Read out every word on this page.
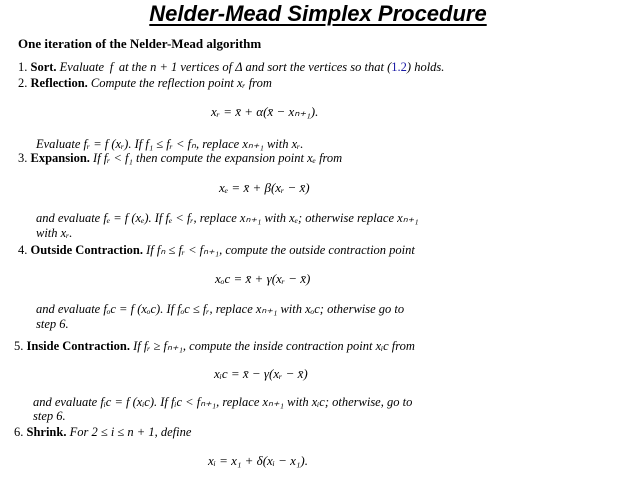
Nelder-Mead Simplex Procedure
One iteration of the Nelder-Mead algorithm
1. Sort. Evaluate  f  at the n + 1 vertices of Δ and sort the vertices so that (1.2) holds.
2. Reflection. Compute the reflection point xᵣ from
xᵣ = x̄ + α(x̄ − xₙ₊₁).
Evaluate fᵣ = f (xᵣ). If f₁ ≤ fᵣ < fₙ, replace xₙ₊₁ with xᵣ.
3. Expansion. If fᵣ < f₁ then compute the expansion point xₑ from
xₑ = x̄ + β(xᵣ − x̄)
and evaluate fₑ = f (xₑ). If fₑ < fᵣ, replace xₙ₊₁ with xₑ; otherwise replace xₙ₊₁
with xᵣ.
4. Outside Contraction. If fₙ ≤ fᵣ < fₙ₊₁, compute the outside contraction point
xₒc = x̄ + γ(xᵣ − x̄)
and evaluate fₒc = f (xₒc). If fₒc ≤ fᵣ, replace xₙ₊₁ with xₒc; otherwise go to
step 6.
5. Inside Contraction. If fᵣ ≥ fₙ₊₁, compute the inside contraction point xᵢc from
xᵢc = x̄ − γ(xᵣ − x̄)
and evaluate fᵢc = f (xᵢc). If fᵢc < fₙ₊₁, replace xₙ₊₁ with xᵢc; otherwise, go to
step 6.
6. Shrink. For 2 ≤ i ≤ n + 1, define
xᵢ = x₁ + δ(xᵢ − x₁).
